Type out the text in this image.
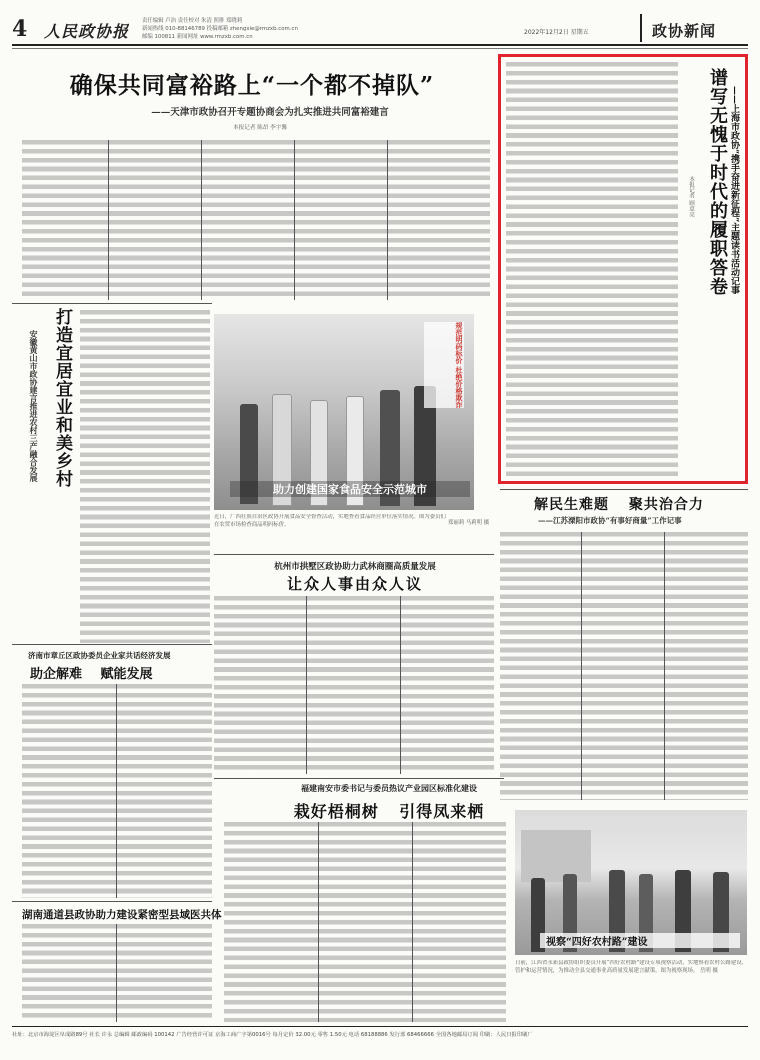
4 人民政协报
责任编辑 卢治 责任校对 朱清 照排 郑晓莉
新闻热线 010-88146789 投稿邮箱 zhengxie@rmzxb.com.cn
邮编 100811 新闻网址 www.rmzxb.com.cn
2022年12月2日 星期五	政协新闻
确保共同富裕路上“一个都不掉队”
——天津市政协召开专题协商会为扎实推进共同富裕建言
本报记者 陈昂 李宇馨	谱写无愧于时代的履职答卷 ——上海市政协“携手奋进新征程”主题读书活动记事
本报记者 顾意亮
打造宜居宜业和美乡村
安徽黄山市政协建言推进农村三产融合发展	规范明码标价 杜绝价格欺诈
助力创建国家食品安全示范城市
近日，广西壮族自治区政协开展食品安全督查活动，实地查看食品经营单位落实情况。图为委员们在农贸市场检查商品明码标价。	郑丽莉 马莉明 摄
解民生难题 聚共治合力
——江苏溧阳市政协“有事好商量”工作记事
杭州市拱墅区政协助力武林商圈高质量发展
让众人事由众人议
济南市章丘区政协委员企业家共话经济发展
助企解难 赋能发展
福建南安市委书记与委员热议产业园区标准化建设
栽好梧桐树 引得凤来栖
湖南通道县政协助力建设紧密型县域医共体
视察“四好农村路”建设
日前，江西省永新县政协组织委员开展“四好农村路”建设专项视察活动，实地察看农村公路建设、管护和运营情况，为推动全县交通事业高质量发展建言献策。图为视察现场。 岳明 摄
社址：北京市海淀区阜成路89号 社长 许永 总编辑 邮政编码 100142 广告经营许可证 京海工商广字第0016号 每月定价 32.00元 零售 1.50元 电话 68188886 发行部 68466666 全国各地邮局订阅 印刷：人民日报印刷厂
